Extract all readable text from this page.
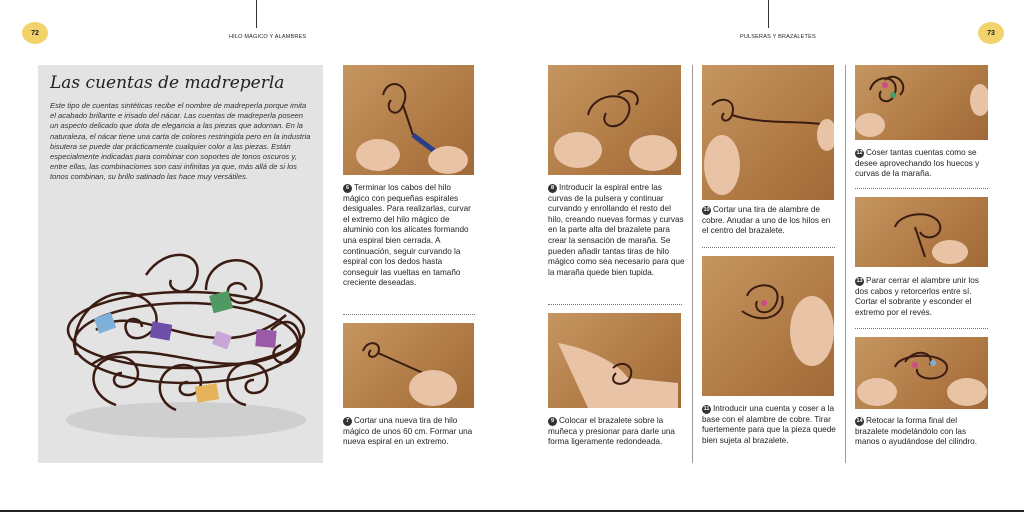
72
HILO MÁGICO Y ALAMBRES	PULSERAS Y BRAZALETES
73
Las cuentas de madreperla
Este tipo de cuentas sintéticas recibe el nombre de madreperla porque imita el acabado brillante e irisado del nácar. Las cuentas de madreperla poseen un aspecto delicado que dota de elegancia a las piezas que adornan. En la naturaleza, el nácar tiene una carta de colores restringida pero en la industria bisutera se puede dar prácticamente cualquier color a las piezas. Están especialmente indicadas para combinar con soportes de tonos oscuros y, entre ellas, las combinaciones son casi infinitas ya que, más allá de si los tonos combinan, su brillo satinado las hace muy versátiles.
6 Terminar los cabos del hilo mágico con pequeñas espirales desiguales. Para realizarlas, curvar el extremo del hilo mágico de aluminio con los alicates formando una espiral bien cerrada. A continuación, seguir curvando la espiral con los dedos hasta conseguir las vueltas en tamaño creciente deseadas.
7 Cortar una nueva tira de hilo mágico de unos 60 cm. Formar una nueva espiral en un extremo.
8 Introducir la espiral entre las curvas de la pulsera y continuar curvando y enrollando el resto del hilo, creando nuevas formas y curvas en la parte alta del brazalete para crear la sensación de maraña. Se pueden añadir tantas tiras de hilo mágico como sea necesario para que la maraña quede bien tupida.
9 Colocar el brazalete sobre la muñeca y presionar para darle una forma ligeramente redondeada.
10 Cortar una tira de alambre de cobre. Anudar a uno de los hilos en el centro del brazalete.
11 Introducir una cuenta y coser a la base con el alambre de cobre. Tirar fuertemente para que la pieza quede bien sujeta al brazalete.
12 Coser tantas cuentas como se desee aprovechando los huecos y curvas de la maraña.
13 Parar cerrar el alambre unir los dos cabos y retorcerlos entre sí. Cortar el sobrante y esconder el extremo por el revés.
14 Retocar la forma final del brazalete modelándolo con las manos o ayudándose del cilindro.
